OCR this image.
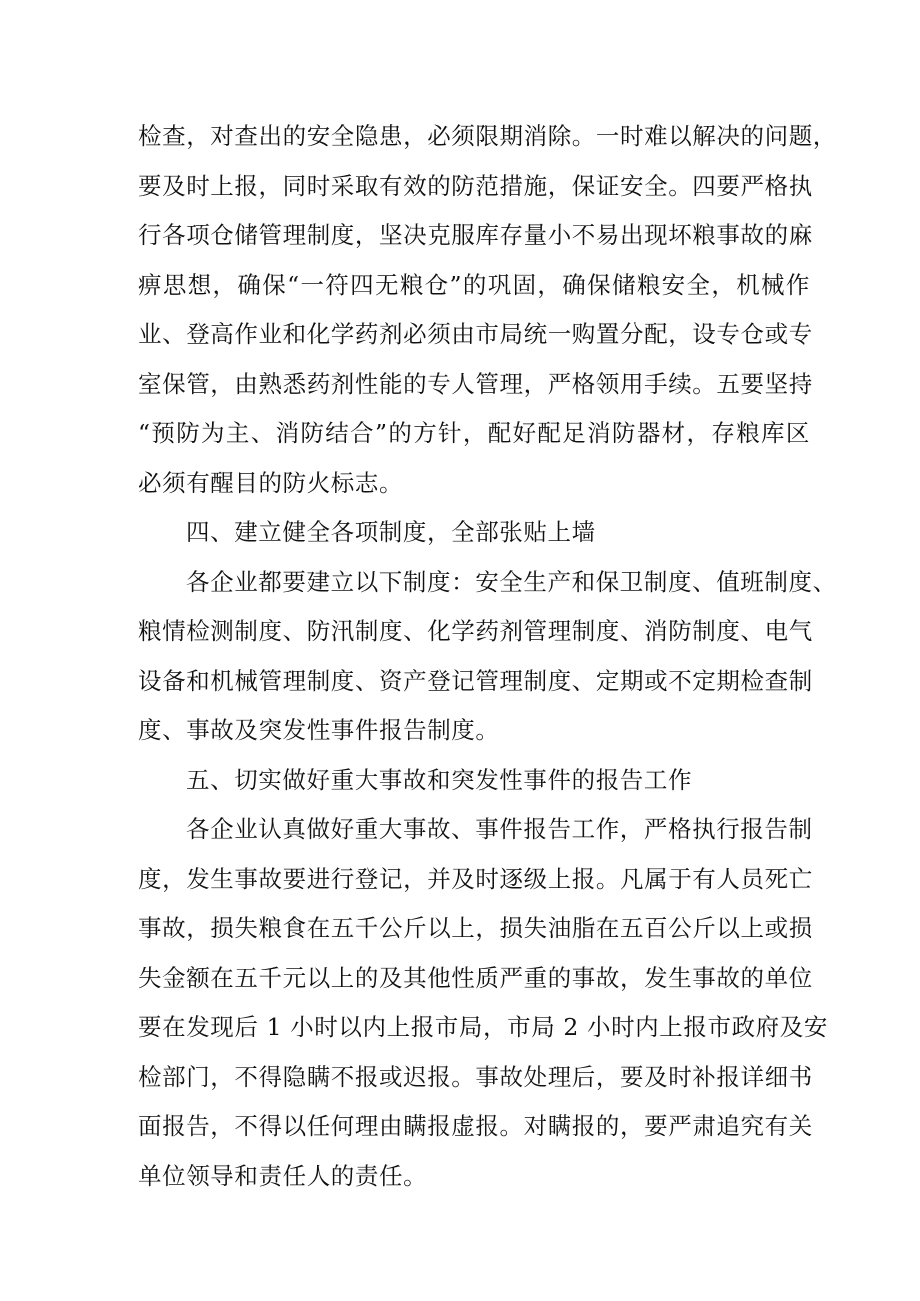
检查，对查出的安全隐患，必须限期消除。一时难以解决的问题，
要及时上报，同时采取有效的防范措施，保证安全。四要严格执
行各项仓储管理制度，坚决克服库存量小不易出现坏粮事故的麻
痹思想，确保“一符四无粮仓”的巩固，确保储粮安全，机械作
业、登高作业和化学药剂必须由市局统一购置分配，设专仓或专
室保管，由熟悉药剂性能的专人管理，严格领用手续。五要坚持
“预防为主、消防结合”的方针，配好配足消防器材，存粮库区
必须有醒目的防火标志。
四、建立健全各项制度，全部张贴上墙
各企业都要建立以下制度：安全生产和保卫制度、值班制度、
粮情检测制度、防汛制度、化学药剂管理制度、消防制度、电气
设备和机械管理制度、资产登记管理制度、定期或不定期检查制
度、事故及突发性事件报告制度。
五、切实做好重大事故和突发性事件的报告工作
各企业认真做好重大事故、事件报告工作，严格执行报告制
度，发生事故要进行登记，并及时逐级上报。凡属于有人员死亡
事故，损失粮食在五千公斤以上，损失油脂在五百公斤以上或损
失金额在五千元以上的及其他性质严重的事故，发生事故的单位
要在发现后 1 小时以内上报市局，市局 2 小时内上报市政府及安
检部门，不得隐瞒不报或迟报。事故处理后，要及时补报详细书
面报告，不得以任何理由瞒报虚报。对瞒报的，要严肃追究有关
单位领导和责任人的责任。
